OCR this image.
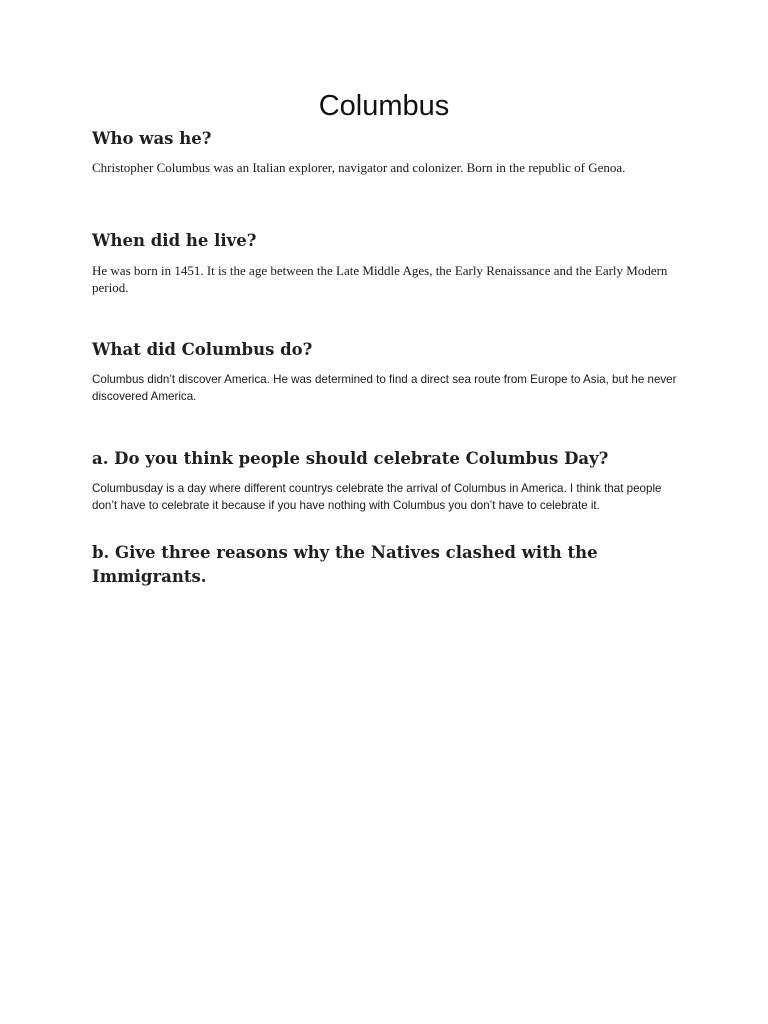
Columbus
Who was he?

Christopher Columbus was an Italian explorer, navigator and colonizer. Born in the republic of Genoa.

When did he live?

He was born in 1451. It is the age between the Late Middle Ages, the Early Renaissance and the Early Modern period.

What did Columbus do?

Columbus didn’t discover America. He was determined to find a direct sea route from Europe to Asia, but he never discovered America.

a. Do you think people should celebrate Columbus Day?

Columbusday is a day where different countrys celebrate the arrival of Columbus in America. I think that people don’t have to celebrate it because if you have nothing with Columbus you don’t have to celebrate it.

b. Give three reasons why the Natives clashed with the Immigrants.
